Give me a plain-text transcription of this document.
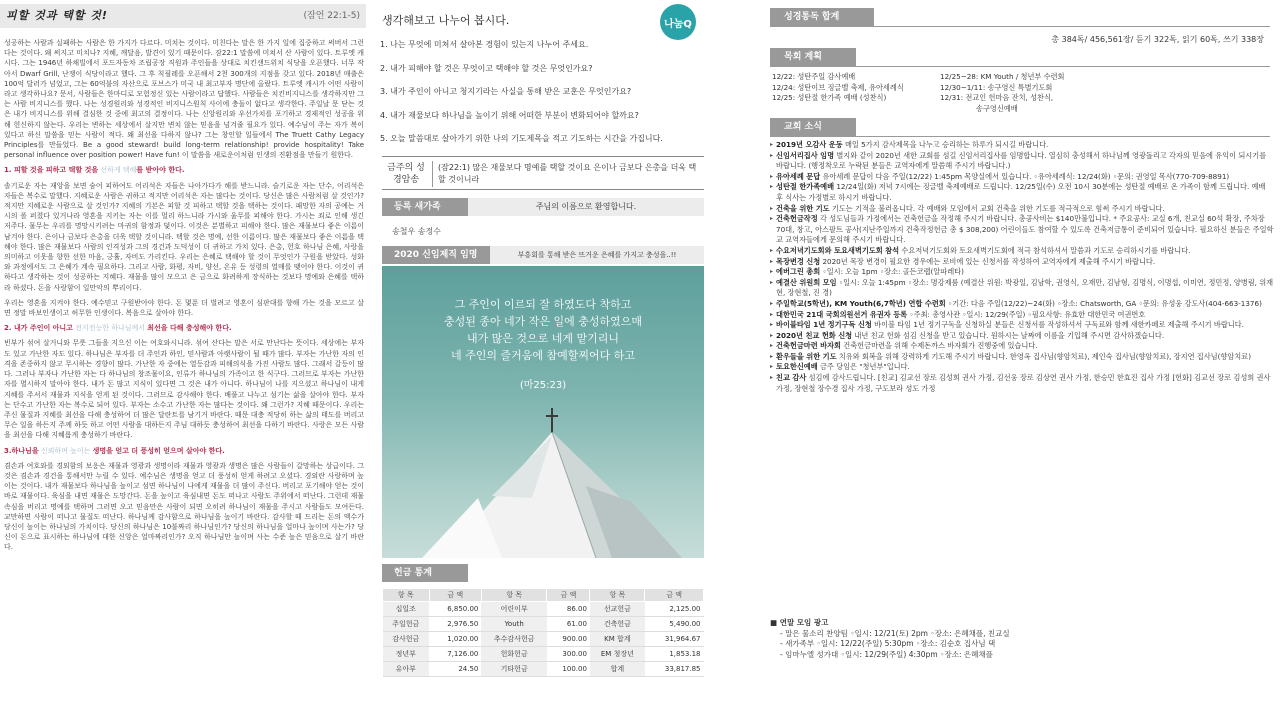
피할 것과 택할 것!	(잠언 22:1-5)

성공하는 사람과 실패하는 사람은 한 가지가 다르다. 미치는 것이다. 미친다는 말은 한 가지 일에 집중하고 써버서 그런다는 것이다. 왜 써지고 미치나? 지혜, 깨달음, 발견이 있기 때문이다. 잠22:1 말씀에 미쳐서 산 사람이 있다. 트루엣 캐시다. 그는 1946년 하채빌에서 포드자동차 조립공장 직원과 주인들을 상대로 치킨샌드위치 식당을 오픈했다. 너무 작아서 Dwarf Grill, 난쟁이 식당이라고 했다. 그 후 칙필레를 오픈해서 2천 300개의 지점을 갖고 있다. 2018년 매출은 100억 달러가 넘었고, 그는 60억불의 자산으로 포브스가 미국 내 최고부자 명단에 올랐다. 트루엣 캐시가 어떤 사람이라고 생각하나요? 문서, 사람들은 한마디로 모험정신 있는 사람이라고 답했다. 사람들은 치킨비지니스를 생각하지만 그는 사람 비지니스를 했다. 나는 성경원리와 성경적인 비지니스원칙 사이에 충돌이 없다고 생각한다. 주일날 문 닫는 것은 내가 비지니스를 위해 결심한 것 중에 최고의 결정이다. 나는 신앙원리와 우선가치를 포기하고 경제적인 성공을 위해 헌신하지 않는다. 우리는 변하는 세상에서 살지만 변치 않는 믿음을 넘겨줄 필요가 있다. 예수님이 주는 자가 복이 있다고 하신 말씀을 믿는 사람이 적다. 왜 최선을 다하지 않나? 그는 창인할 일들에서 The Truett Cathy Legacy Principles를 만들었다. Be a good steward! build long-term relationship! provide hospitality! Take personal influence over position power! Have fun! 이 말씀을 새로운이처럼 인생의 진환점을 만들기 원한다.

1. 피할 것을 피하고 택할 것을 선하게 택해를 받아야 한다.

솔기로운 자는 재앙을 보면 숨어 피하여도 어리석은 자들은 나아가다가 해를 받느니라. 슬기로운 자는 단수, 어리석은 자들은 복수로 말했다. 지혜로운 사람은 귀하고 적지만 어리석은 자는 많다는 것이다. 당신은 많은 사람처럼 살 것인가? 적지만 지혜로운 사람으로 살 것인가? 지혜의 기본은 피할 것 피하고 택할 것을 택하는 것이다. 패망한 자의 공예는 거시의 폴 퍼졌다 있거나라 영혼을 지키는 자는 이를 멀리 하느니라 가시와 울무를 피해야 한다. 가시는 죄로 인해 생긴 저주다. 물무는 우리를 명망시키려는 마귀의 함정과 덫이다. 이것은 분별하고 피해야 한다. 많은 재물보다 좋은 이름이 남겨야 한다. 은이나 금보다 은총을 더욱 택할 것이니라. 택할 것은 명예, 선한 이름이다. 많은 재물보다 좋은 이름을 택해야 한다. 많은 재물보다 사람의 인격성과 그의 경건과 도덕성이 더 귀하고 가치 있다. 은총, 헌호 하나님 은혜, 사랑을 의미하고 이웃을 향한 선한 마음, 긍휼, 자비도 가리킨다. 우리는 은혜로 택해야 할 것이 무엇인가 구원을 받았다. 성화와 과정에서도 그 은혜가 계속 필요하다. 그리고 사람, 화평, 자비, 양선, 온유 등 성령의 열매를 맺어야 한다. 이것이 귀하다고 생각하는 것이 성공하는 지혜다. 재물을 많이 모으고 은 금으로 화려하게 장식하는 것보다 명예와 은혜를 택하라 하셨다. 돈을 사랑함이 일만악의 뿌리이다.

우리는 영혼을 지켜야 한다. 예수믿고 구원받아야 한다. 돈 몇푼 더 벌려고 영혼이 심판대를 향해 가는 것을 모르고 살면 정말 바보인생이고 허무한 인생이다. 복음으로 살아야 한다.

2. 내가 주인이 아니고 전지전능한 하나님께서 최선을 다해 충성해야 한다.

빈부가 섞여 살거니와 무릇 그들을 지으신 이는 여호와시니라. 섞여 산다는 말은 서로 만난다는 뜻이다. 세상에는 부자도 있고 가난한 자도 있다. 하나님은 부자를 더 주인과 하인, 믿사람과 아랫사람이 될 때가 많다. 부자는 가난한 자의 인격을 존중하지 않고 무시하는 경향이 많다. 가난한 자 중에는 열등감과 피해의식을 가진 사람도 많다. 그래서 갈등이 많다. 그러나 부자나 가난한 자는 다 하나님의 창조물이요, 인류가 하나님의 가족이고 한 식구다. 그러므로 부자는 가난한 자를 멸시하지 말아야 한다. 내가 돈 많고 지식이 있다면 그 것은 내가 아니다. 하나님이 나를 지으셨고 하나님이 내게 지혜를 주셔서 재물과 지식을 얻게 된 것이다. 그러므로 감사해야 한다. 배풀고 나누고 섬기는 삶을 살아야 한다. 부자는 단수고 가난한 자는 복수로 되어 있다. 부자는 소수고 가난한 자는 많다는 것이다. 왜 그런가? 지혜 때문이다. 우리는 주신 물질과 지혜를 최선을 다해 충성하여 더 많은 달란트를 남기거 바란다. 때문 대충 적당히 하는 삶의 태도를 버리고 무슨 일을 하든지 주께 하듯 하고 어떤 사람을 대하든지 주님 대하듯 충성하여 최선을 다하기 바란다. 사랑은 모든 사람을 최선을 다해 지혜롭게 충성하기 바란다.

3.하나님을 신뢰하며 높이는 생명을 얻고 더 풍성히 얻으며 살아야 한다.

겸손과 여호와를 경외함의 보응은 재물과 영광과 생명이라 재물과 영광과 생명은 많은 사람들이 갈망하는 상급이다. 그것은 겸손과 경건을 통해서만 누릴 수 있다. 예수님은 생명을 얻고 더 풍성히 얻게 하려고 오셨다. 경외란 사랑하며 높이는 것이다. 내가 재물보다 하나님을 높이고 섬면 하나님이 나에게 재물을 더 많이 주신다. 버리고 포기해야 얻는 것이 바로 재물이다. 육심을 내면 재물은 도망간다. 돈을 높이고 육심내면 돈도 떠나고 사람도 주위에서 떠난다. 그런데 재물 속심을 버리고 명예를 택하며 그러면 오고 믿음만은 사람이 되면 오히려 하나님이 재물을 주시고 사람들도 모여든다. 교만하면 사람이 떠나고 물질도 떠난다. 하나님께 감사함으로 하나님을 높이기 바란다. 감사할 때 드리는 돈의 액수가 당신이 높이는 하나님의 가치이다. 당신의 하나님은 10불짜리 하나님인가? 당신의 하나님을 얼마나 높이며 사는가? 당신이 돈으로 표시하는 하나님에 대한 신앙은 얼마짜리인가? 오직 하나님만 높이며 사는 수준 높은 믿음으로 살기 바란다.

생각해보고 나누어 봅시다.	나눔Q
1. 나는 무엇에 미쳐서 살아본 경험이 있는지 나누어 주세요.
2. 내가 피해야 할 것은 무엇이고 택해야 할 것은 무엇인가요?
3. 내가 주인이 아니고 청지기라는 사실을 통해 받은 교훈은 무엇인가요?
4. 내가 재물보다 하나님을 높이기 위해 어떠한 부분이 변화되어야 할까요?
5. 오늘 말씀대로 살아가기 위한 나의 기도제목을 적고 기도하는 시간을 가집니다.
금주의 성경암송
(잠22:1) 많은 재물보다 명예를 택할 것이요 은이나 금보다 은총을 더욱 택할 것이니라
등록 새가족	주님의 이름으로 환영합니다.
송철우 송정수
2020 신임제직 임명	부흥회를 통해 받은 뜨거운 은혜를 가지고 충성을..!!
그 주인이 이르되 잘 하였도다 착하고
충성된 종아 네가 작은 일에 충성하였으매
내가 많은 것으로 네게 맡기리니
네 주인의 즐거움에 참예할찌어다 하고
(마25:23)
헌금 통계
항 목	금 액	항 목	금 액	항 목	금 액
십일조	6,850.00	어린이부	86.00	선교헌금	2,125.00
주일헌금	2,976.50	Youth	61.00	건축헌금	5,490.00
감사헌금	1,020.00	추수감사헌금	900.00	KM 합계	31,964.67
정년부	7,126.00	헌화헌금	300.00	EM 청장년	1,853.18
유아부	24.50	기타헌금	100.00	합계	33,817.85
성경통독 합계
총 384독/ 456,561장/ 듣기 322독, 읽기 60독, 쓰기 338장
목회 계획
12/22: 성탄주일 감사예배
12/24: 성탄이브 징글벨 축제, 유아세례식
12/25: 성탄절 한가족 예배 (성찬식)
12/25~28: KM Youth / 청년부 수련회
12/30~1/11: 송구영신 특별기도회
12/31: 전교인 헌마음 잔치, 성찬식,
송구영신예배
교회 소식
▸ 2019년 오감사 운동 매일 5가지 감사제목을 나누고 승리하는 하루가 되시길 바랍니다.
▸ 신임서리집사 임명 별지와 같이 2020년 새한 교회를 섬길 신임서리집사를 임명합니다. 열심히 충성해서 하나님께 영광돌리고 각자의 믿음에 유익이 되시기를 바랍니다. (행정착오로 누락된 분들은 교역자에게 말씀해 주시기 바랍니다.)
▸ 유아세례 문답 유아세례 문답이 다음 주일(12/22) 1:45pm 목양실에서 있습니다. ◦유아세례식: 12/24(화) ◦문의: 권영일 목사(770-709-8891)
▸ 성탄절 한가족예배 12/24일(화) 저녁 7시에는 징글벨 축제예배로 드립니다. 12/25일(수) 오전 10시 30분에는 성탄절 예배로 온 가족이 함께 드립니다. 예배 후 식사는 가정별로 하시기 바랍니다.
▸ 건축을 위한 기도 기도는 기적을 불러옵니다. 각 예배와 모임에서 교회 건축을 위한 기도를 적극적으로 힘써 주시기 바랍니다.
▸ 건축헌금작정 각 성도님들과 가정에서는 건축헌금을 작정해 주시기 바랍니다. 총공사비는 $140만불입니다. * 주요공사: 교실 6개, 친교실 60석 확장, 주차장 70대, 창고, 아스팔트 공사(지난주일까지 건축작정헌금 총 $ 308,200) 어린이들도 참여할 수 있도록 건축저금통이 준비되어 있습니다. 필요하신 분들은 주일학교 교역자들에게 문의해 주시기 바랍니다.
▸ 수요저녁기도회와 토요새벽기도회 참석 수요저녁기도회와 토요새벽기도회에 적극 참석하셔서 말씀과 기도로 승리하시기를 바랍니다.
▸ 목장변경 신청 2020년 목장 변경이 필요한 경우에는 로비에 있는 신청서를 작성하여 교역자에게 제출해 주시기 바랍니다.
▸ 에버그린 총회 ◦일시: 오늘 1pm ◦장소: 골든코랩(알파레타)
▸ 예결산 위원회 모임 ◦일시: 오늘 1:45pm ◦장소: 명강제룸 (예결산 위원: 박광일, 김남학, 권영식, 오재만, 김남형, 김명식, 이명섭, 이미연, 정민정, 양병림, 위재현, 장현철, 진 경)
▸ 주일학교(5학년), KM Youth(6,7학년) 연합 수련회 ◦기간: 다음 주일(12/22)~24(화) ◦장소: Chatsworth, GA ◦문의: 유성웅 강도사(404-663-1376)
▸ 대한민국 21대 국회의원선거 유권자 등록 ◦주최: 총영사관 ◦일시: 12/29(주일) ◦필요사항: 유효한 대한민국 여권번호
▸ 바이블타임 1년 정기구독 신청 바이블 타임 1년 정기구독을 신청하실 분들은 신청서를 작성하셔서 구독료와 함께 새한카페로 제출해 주시기 바랍니다.
▸ 2020년 친교 헌화 신청 내년 친교 헌화 섬김 신청을 받고 있습니다. 원하시는 날짜에 이름을 기입해 주시면 감사하겠습니다.
▸ 건축헌금마련 바자회 건축헌금마련을 위해 수제돈까스 바자회가 진행중에 있습니다.
▸ 환우들을 위한 기도 치유와 회복을 위해 강력하게 기도해 주시기 바랍니다. 한영옥 집사님(향암치료), 제인숙 집사님(향암치료), 장지연 집사님(향암치료)
▸ 토요한신예배 금주 당임은 "청년부"입니다.
▸ 친교 감사 섬김에 감사드립니다. [친교] 김교선 장로 김성희 권사 가정, 김선웅 장로 김상연 권사 가정, 한승민 한효진 집사 가정 [헌화] 김교선 장로 김성희 권사 가정, 장현철 장수경 집사 가정, 구도보라 성도 가정
■ 연말 모임 광고
- 말은 물소리 찬양팀 ◦일시: 12/21(토) 2pm ◦장소: 은혜채플, 친교실
- 새가족부 ◦일시: 12/22(주일) 5:30pm ◦장소: 김순호 집사님 댁
- 임마누엘 성가대 ◦일시: 12/29(주일) 4:30pm ◦장소: 은혜채플
